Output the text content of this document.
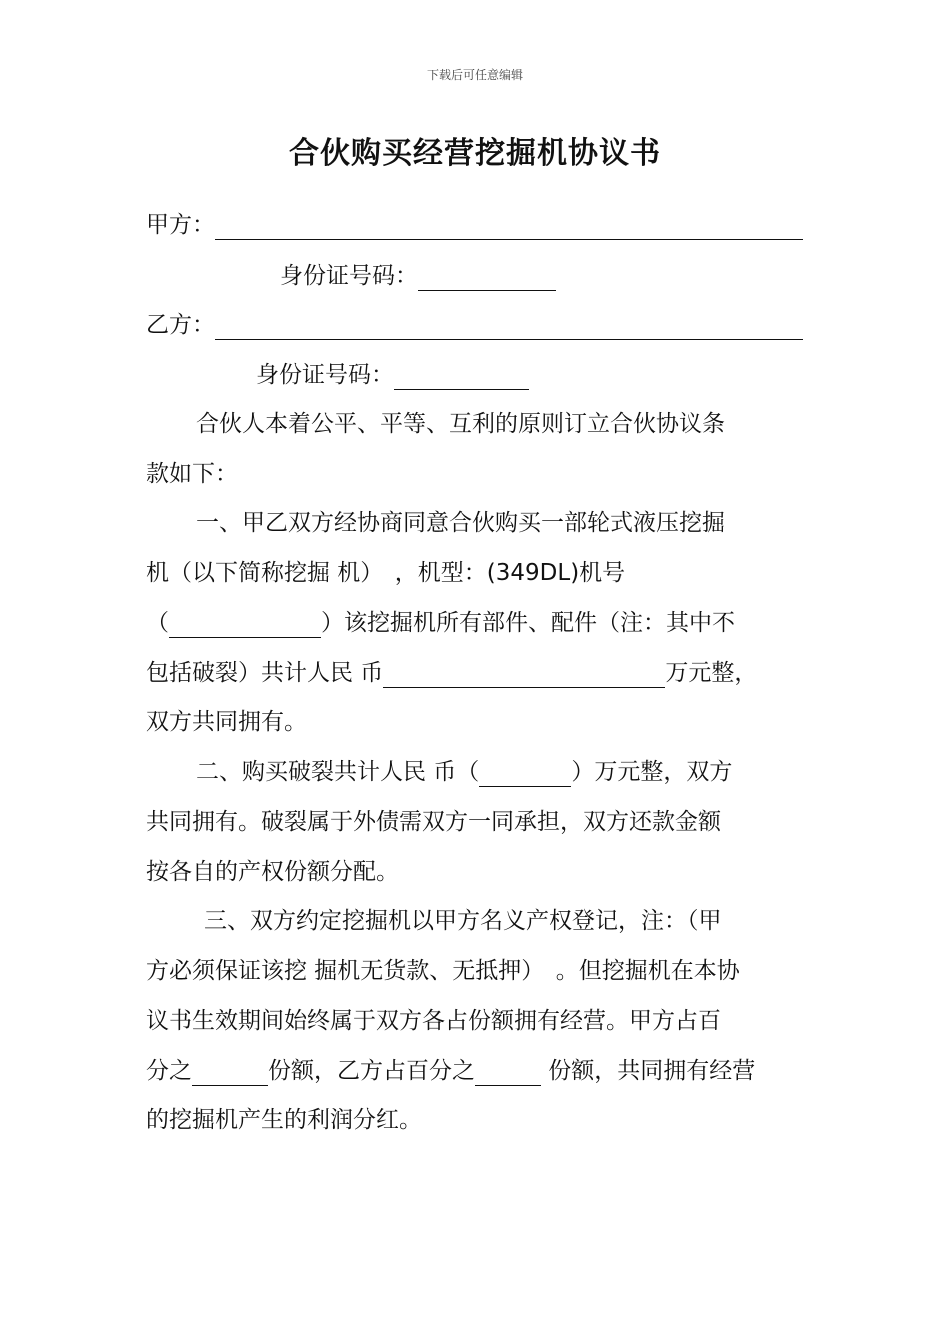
下载后可任意编辑
合伙购买经营挖掘机协议书
甲方：
身份证号码：
乙方：
身份证号码：
合伙人本着公平、平等、互利的原则订立合伙协议条
款如下：
一、甲乙双方经协商同意合伙购买一部轮式液压挖掘
机（以下简称挖掘 机）　，机型：(349DL)机号
（	）该挖掘机所有部件、配件（注：其中不
包括破裂）共计人民 币	万元整，
双方共同拥有。
二、购买破裂共计人民 币（	）万元整，双方
共同拥有。破裂属于外债需双方一同承担，双方还款金额
按各自的产权份额分配。
三、双方约定挖掘机以甲方名义产权登记，注：（甲
方必须保证该挖 掘机无货款、无抵押）　。但挖掘机在本协
议书生效期间始终属于双方各占份额拥有经营。甲方占百
分之	份额，乙方占百分之	份额，共同拥有经营
的挖掘机产生的利润分红。
